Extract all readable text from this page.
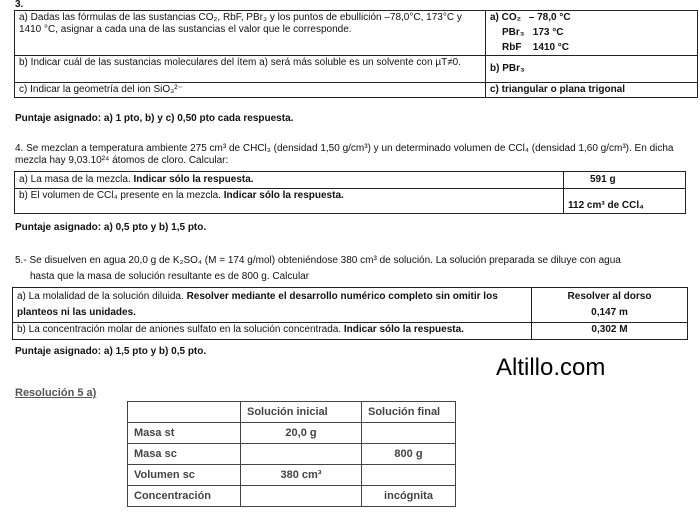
3.
a) Dadas las fórmulas de las sustancias CO₂, RbF, PBr₃ y los puntos de ebullición –78,0°C, 173°C y 1410 °C, asignar a cada una de las sustancias el valor que le corresponde.	a) CO₂ – 78,0 °C
PBr₃ 173 °C
RbF 1410 °C

b) Indicar cuál de las sustancias moleculares del ítem a) será más soluble es un solvente con µT≠0.	b) PBr₃
c) Indicar la geometría del ion SiO₃²⁻	c) triangular o plana trigonal
Puntaje asignado: a) 1 pto, b) y c) 0,50 pto cada respuesta.
4. Se mezclan a temperatura ambiente 275 cm³ de CHCl₃ (densidad 1,50 g/cm³) y un determinado volumen de CCl₄ (densidad 1,60 g/cm³). En dicha mezcla hay 9,03.10²⁴ átomos de cloro. Calcular:
a) La masa de la mezcla. Indicar sólo la respuesta.	591 g
b) El volumen de CCl₄ presente en la mezcla. Indicar sólo la respuesta.	112 cm³ de CCl₄
Puntaje asignado: a) 0,5 pto y b) 1,5 pto.
5.- Se disuelven en agua 20,0 g de K₂SO₄ (M = 174 g/mol) obteniéndose 380 cm³ de solución. La solución preparada se diluye con agua
hasta que la masa de solución resultante es de 800 g. Calcular
a) La molalidad de la solución diluida. Resolver mediante el desarrollo numérico completo sin omitir los planteos ni las unidades.	Resolver al dorso
0,147 m

b) La concentración molar de aniones sulfato en la solución concentrada. Indicar sólo la respuesta.	0,302 M
Puntaje asignado: a) 1,5 pto y b) 0,5 pto.
Altillo.com
Resolución 5 a)
	Solución inicial	Solución final
Masa st	20,0 g	
Masa sc		800 g
Volumen sc	380 cm³	
Concentración		incógnita
